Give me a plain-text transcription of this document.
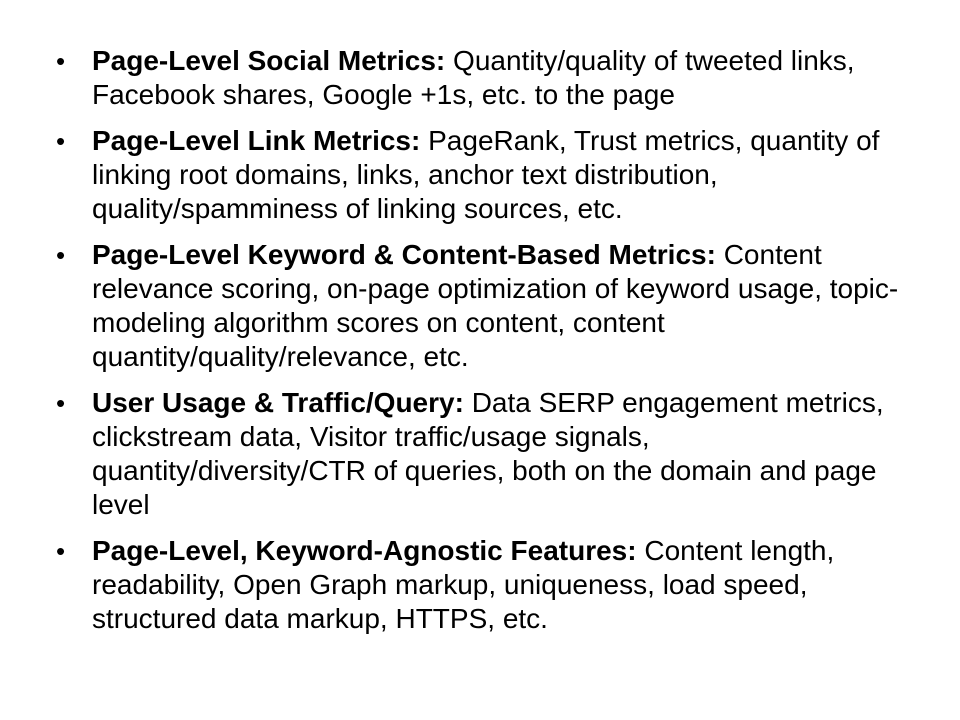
• Page-Level Social Metrics: Quantity/quality of tweeted links, Facebook shares, Google +1s, etc. to the page
• Page-Level Link Metrics: PageRank, Trust metrics, quantity of linking root domains, links, anchor text distribution, quality/spamminess of linking sources, etc.
• Page-Level Keyword & Content-Based Metrics: Content relevance scoring, on-page optimization of keyword usage, topic-modeling algorithm scores on content, content quantity/quality/relevance, etc.
• User Usage & Traffic/Query: Data SERP engagement metrics, clickstream data, Visitor traffic/usage signals, quantity/diversity/CTR of queries, both on the domain and page level
• Page-Level, Keyword-Agnostic Features: Content length, readability, Open Graph markup, uniqueness, load speed, structured data markup, HTTPS, etc.
